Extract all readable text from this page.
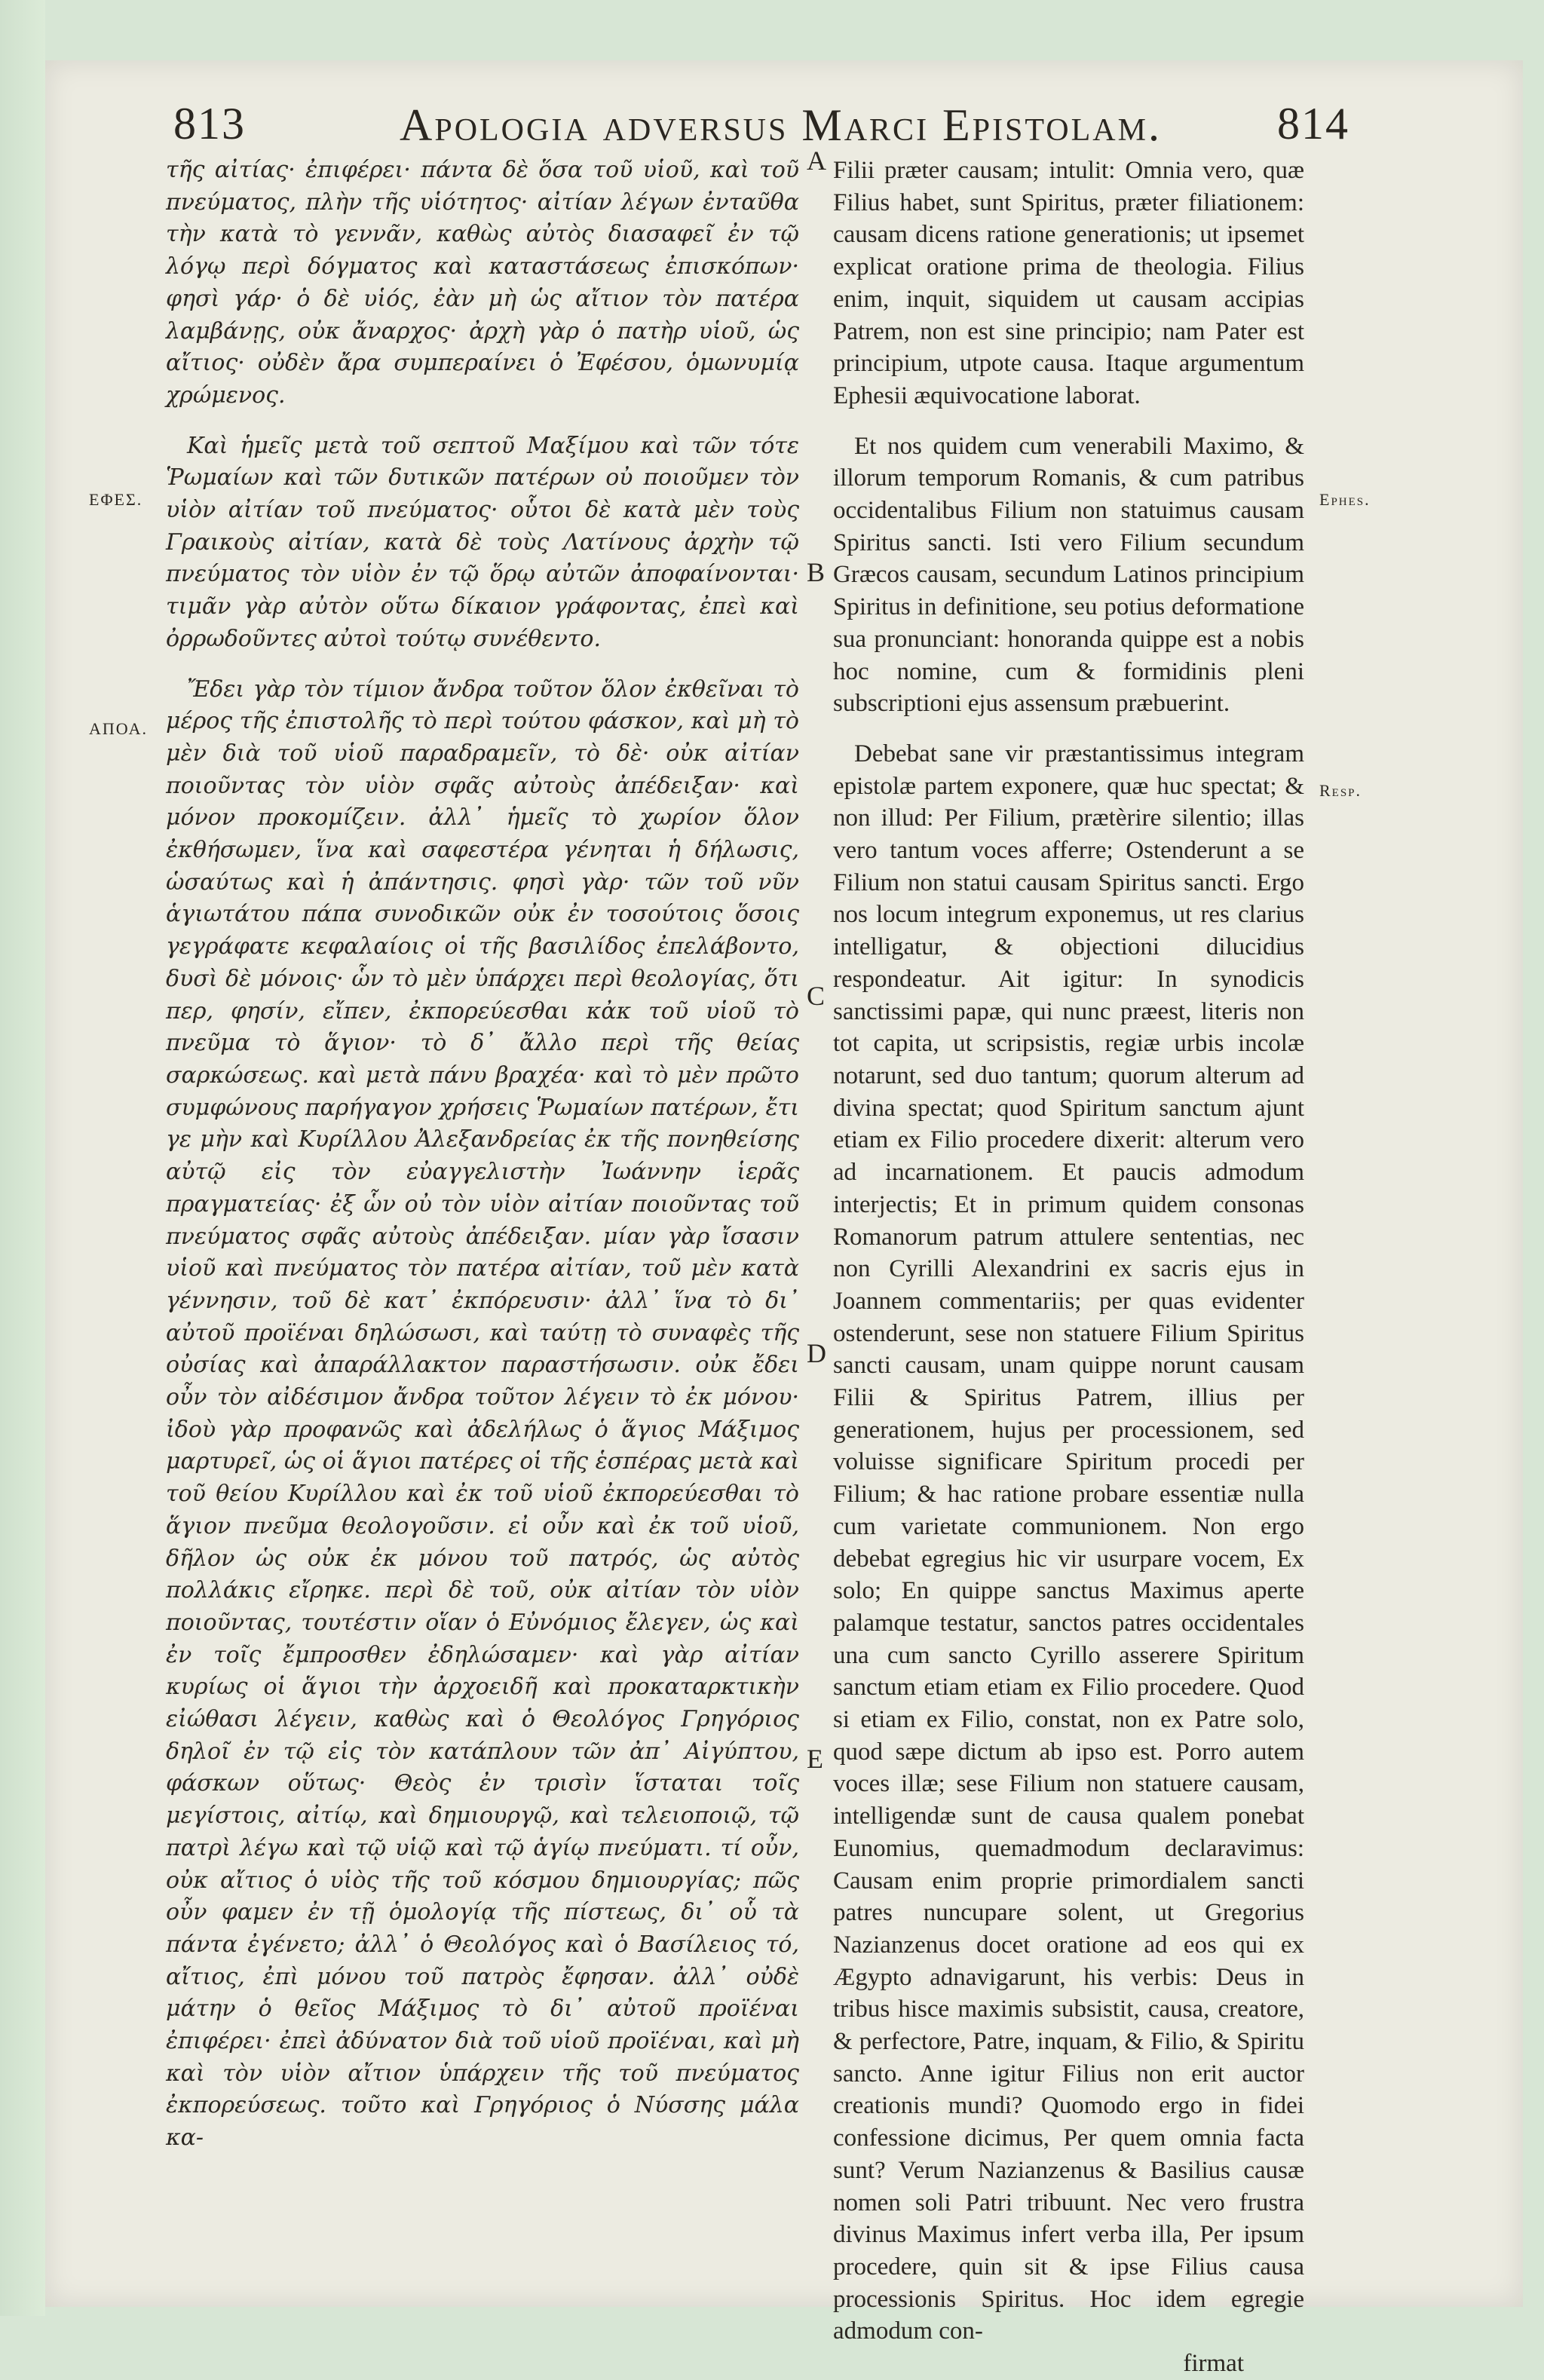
813	Apologia adversus Marci Epistolam.	814
ΕΦΕΣ.
ΑΠΟΑ.
Ephes.
Resp.
A
B
C
D
E

τῆς αἰτίας· ἐπιφέρει· πάντα δὲ ὅσα τοῦ υἱοῦ, καὶ τοῦ πνεύματος, πλὴν τῆς υἱότητος· αἰτίαν λέγων ἐνταῦθα τὴν κατὰ τὸ γεννᾶν, καθὼς αὐτὸς διασαφεῖ ἐν τῷ λόγῳ περὶ δόγματος καὶ καταστάσεως ἐπισκόπων· φησὶ γάρ· ὁ δὲ υἱός, ἐὰν μὴ ὡς αἴτιον τὸν πατέρα λαμβάνῃς, οὐκ ἄναρχος· ἀρχὴ γὰρ ὁ πατὴρ υἱοῦ, ὡς αἴτιος· οὐδὲν ἄρα συμπεραίνει ὁ Ἐφέσου, ὁμωνυμίᾳ χρώμενος.

Καὶ ἡμεῖς μετὰ τοῦ σεπτοῦ Μαξίμου καὶ τῶν τότε Ῥωμαίων καὶ τῶν δυτικῶν πατέρων οὐ ποιοῦμεν τὸν υἱὸν αἰτίαν τοῦ πνεύματος· οὗτοι δὲ κατὰ μὲν τοὺς Γραικοὺς αἰτίαν, κατὰ δὲ τοὺς Λατίνους ἀρχὴν τῷ πνεύματος τὸν υἱὸν ἐν τῷ ὅρῳ αὐτῶν ἀποφαίνονται· τιμᾶν γὰρ αὐτὸν οὕτω δίκαιον γράφοντας, ἐπεὶ καὶ ὀρρωδοῦντες αὐτοὶ τούτῳ συνέθεντο.

Ἔδει γὰρ τὸν τίμιον ἄνδρα τοῦτον ὅλον ἐκθεῖναι τὸ μέρος τῆς ἐπιστολῆς τὸ περὶ τούτου φάσκον, καὶ μὴ τὸ μὲν διὰ τοῦ υἱοῦ παραδραμεῖν, τὸ δὲ· οὐκ αἰτίαν ποιοῦντας τὸν υἱὸν σφᾶς αὐτοὺς ἀπέδειξαν· καὶ μόνον προκομίζειν. ἀλλ᾽ ἡμεῖς τὸ χωρίον ὅλον ἐκθήσωμεν, ἵνα καὶ σαφεστέρα γένηται ἡ δήλωσις, ὡσαύτως καὶ ἡ ἀπάντησις. φησὶ γὰρ· τῶν τοῦ νῦν ἁγιωτάτου πάπα συνοδικῶν οὐκ ἐν τοσούτοις ὅσοις γεγράφατε κεφαλαίοις οἱ τῆς βασιλίδος ἐπελάβοντο, δυσὶ δὲ μόνοις· ὧν τὸ μὲν ὑπάρχει περὶ θεολογίας, ὅτι περ, φησίν, εἴπεν, ἐκπορεύεσθαι κἀκ τοῦ υἱοῦ τὸ πνεῦμα τὸ ἅγιον· τὸ δ᾽ ἄλλο περὶ τῆς θείας σαρκώσεως. καὶ μετὰ πάνυ βραχέα· καὶ τὸ μὲν πρῶτο συμφώνους παρήγαγον χρήσεις Ῥωμαίων πατέρων, ἔτι γε μὴν καὶ Κυρίλλου Ἀλεξανδρείας ἐκ τῆς πονηθείσης αὐτῷ εἰς τὸν εὐαγγελιστὴν Ἰωάννην ἱερᾶς πραγματείας· ἐξ ὧν οὐ τὸν υἱὸν αἰτίαν ποιοῦντας τοῦ πνεύματος σφᾶς αὐτοὺς ἀπέδειξαν. μίαν γὰρ ἴσασιν υἱοῦ καὶ πνεύματος τὸν πατέρα αἰτίαν, τοῦ μὲν κατὰ γέννησιν, τοῦ δὲ κατ᾽ ἐκπόρευσιν· ἀλλ᾽ ἵνα τὸ δι᾽ αὐτοῦ προϊέναι δηλώσωσι, καὶ ταύτῃ τὸ συναφὲς τῆς οὐσίας καὶ ἀπαράλλακτον παραστήσωσιν. οὐκ ἔδει οὖν τὸν αἰδέσιμον ἄνδρα τοῦτον λέγειν τὸ ἐκ μόνου· ἰδοὺ γὰρ προφανῶς καὶ ἀδελήλως ὁ ἅγιος Μάξιμος μαρτυρεῖ, ὡς οἱ ἅγιοι πατέρες οἱ τῆς ἑσπέρας μετὰ καὶ τοῦ θείου Κυρίλλου καὶ ἐκ τοῦ υἱοῦ ἐκπορεύεσθαι τὸ ἅγιον πνεῦμα θεολογοῦσιν. εἰ οὖν καὶ ἐκ τοῦ υἱοῦ, δῆλον ὡς οὐκ ἐκ μόνου τοῦ πατρός, ὡς αὐτὸς πολλάκις εἴρηκε. περὶ δὲ τοῦ, οὐκ αἰτίαν τὸν υἱὸν ποιοῦντας, τουτέστιν οἵαν ὁ Εὐνόμιος ἔλεγεν, ὡς καὶ ἐν τοῖς ἔμπροσθεν ἐδηλώσαμεν· καὶ γὰρ αἰτίαν κυρίως οἱ ἅγιοι τὴν ἀρχοειδῆ καὶ προκαταρκτικὴν εἰώθασι λέγειν, καθὼς καὶ ὁ Θεολόγος Γρηγόριος δηλοῖ ἐν τῷ εἰς τὸν κατάπλουν τῶν ἀπ᾽ Αἰγύπτου, φάσκων οὕτως· Θεὸς ἐν τρισὶν ἵσταται τοῖς μεγίστοις, αἰτίῳ, καὶ δημιουργῷ, καὶ τελειοποιῷ, τῷ πατρὶ λέγω καὶ τῷ υἱῷ καὶ τῷ ἁγίῳ πνεύματι. τί οὖν, οὐκ αἴτιος ὁ υἱὸς τῆς τοῦ κόσμου δημιουργίας; πῶς οὖν φαμεν ἐν τῇ ὁμολογίᾳ τῆς πίστεως, δι᾽ οὗ τὰ πάντα ἐγένετο; ἀλλ᾽ ὁ Θεολόγος καὶ ὁ Βασίλειος τό, αἴτιος, ἐπὶ μόνου τοῦ πατρὸς ἔφησαν. ἀλλ᾽ οὐδὲ μάτην ὁ θεῖος Μάξιμος τὸ δι᾽ αὐτοῦ προϊέναι ἐπιφέρει· ἐπεὶ ἀδύνατον διὰ τοῦ υἱοῦ προϊέναι, καὶ μὴ καὶ τὸν υἱὸν αἴτιον ὑπάρχειν τῆς τοῦ πνεύματος ἐκπορεύσεως. τοῦτο καὶ Γρηγόριος ὁ Νύσσης μάλα κα-

Filii præter causam; intulit: Omnia vero, quæ Filius habet, sunt Spiritus, præter filiationem: causam dicens ratione generationis; ut ipsemet explicat oratione prima de theologia. Filius enim, inquit, siquidem ut causam accipias Patrem, non est sine principio; nam Pater est principium, utpote causa. Itaque argumentum Ephesii æquivocatione laborat.

Et nos quidem cum venerabili Maximo, & illorum temporum Romanis, & cum patribus occidentalibus Filium non statuimus causam Spiritus sancti. Isti vero Filium secundum Græcos causam, secundum Latinos principium Spiritus in definitione, seu potius deformatione sua pronunciant: honoranda quippe est a nobis hoc nomine, cum & formidinis pleni subscriptioni ejus assensum præbuerint.

Debebat sane vir præstantissimus integram epistolæ partem exponere, quæ huc spectat; & non illud: Per Filium, prætèrire silentio; illas vero tantum voces afferre; Ostenderunt a se Filium non statui causam Spiritus sancti. Ergo nos locum integrum exponemus, ut res clarius intelligatur, & objectioni dilucidius respondeatur. Ait igitur: In synodicis sanctissimi papæ, qui nunc præest, literis non tot capita, ut scripsistis, regiæ urbis incolæ notarunt, sed duo tantum; quorum alterum ad divina spectat; quod Spiritum sanctum ajunt etiam ex Filio procedere dixerit: alterum vero ad incarnationem. Et paucis admodum interjectis; Et in primum quidem consonas Romanorum patrum attulere sententias, nec non Cyrilli Alexandrini ex sacris ejus in Joannem commentariis; per quas evidenter ostenderunt, sese non statuere Filium Spiritus sancti causam, unam quippe norunt causam Filii & Spiritus Patrem, illius per generationem, hujus per processionem, sed voluisse significare Spiritum procedi per Filium; & hac ratione probare essentiæ nulla cum varietate communionem. Non ergo debebat egregius hic vir usurpare vocem, Ex solo; En quippe sanctus Maximus aperte palamque testatur, sanctos patres occidentales una cum sancto Cyrillo asserere Spiritum sanctum etiam etiam ex Filio procedere. Quod si etiam ex Filio, constat, non ex Patre solo, quod sæpe dictum ab ipso est. Porro autem voces illæ; sese Filium non statuere causam, intelligendæ sunt de causa qualem ponebat Eunomius, quemadmodum declaravimus: Causam enim proprie primordialem sancti patres nuncupare solent, ut Gregorius Nazianzenus docet oratione ad eos qui ex Ægypto adnavigarunt, his verbis: Deus in tribus hisce maximis subsistit, causa, creatore, & perfectore, Patre, inquam, & Filio, & Spiritu sancto. Anne igitur Filius non erit auctor creationis mundi? Quomodo ergo in fidei confessione dicimus, Per quem omnia facta sunt? Verum Nazianzenus & Basilius causæ nomen soli Patri tribuunt. Nec vero frustra divinus Maximus infert verba illa, Per ipsum procedere, quin sit & ipse Filius causa processionis Spiritus. Hoc idem egregie admodum con-

firmat
